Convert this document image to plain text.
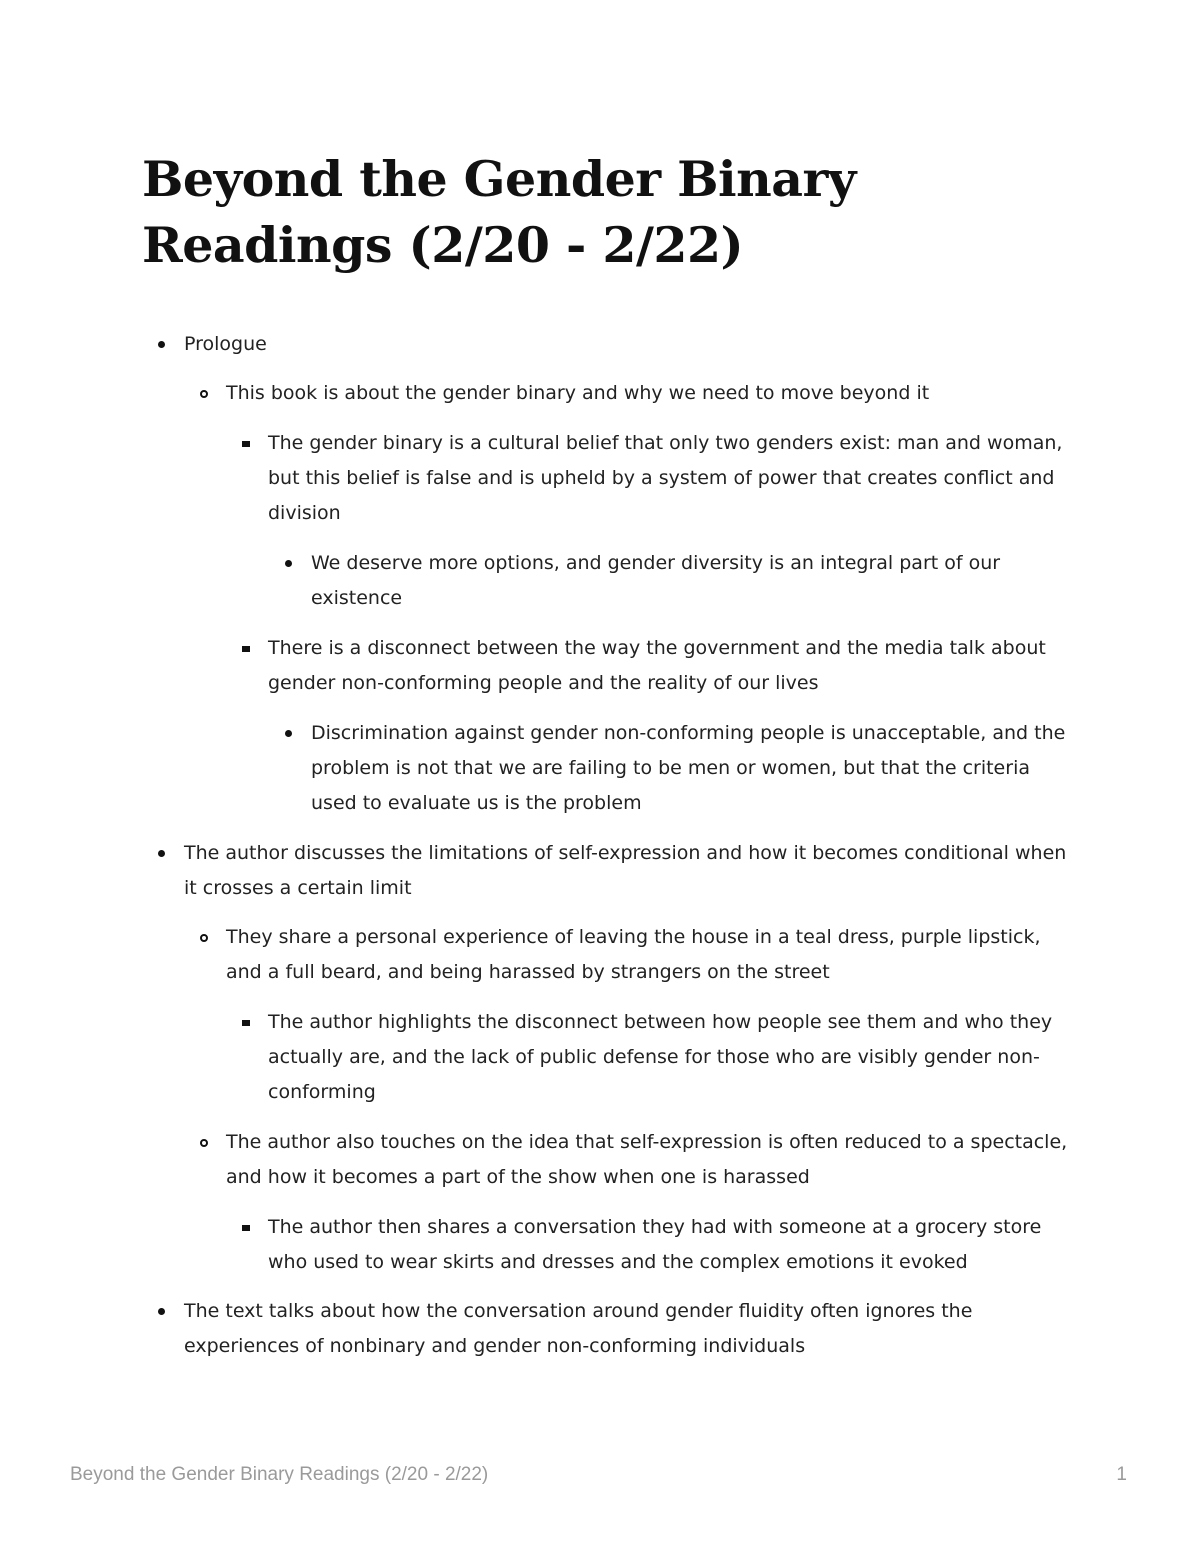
Beyond the Gender Binary Readings (2/20 - 2/22)
Prologue
This book is about the gender binary and why we need to move beyond it
The gender binary is a cultural belief that only two genders exist: man and woman, but this belief is false and is upheld by a system of power that creates conflict and division
We deserve more options, and gender diversity is an integral part of our existence
There is a disconnect between the way the government and the media talk about gender non-conforming people and the reality of our lives
Discrimination against gender non-conforming people is unacceptable, and the problem is not that we are failing to be men or women, but that the criteria used to evaluate us is the problem
The author discusses the limitations of self-expression and how it becomes conditional when it crosses a certain limit
They share a personal experience of leaving the house in a teal dress, purple lipstick, and a full beard, and being harassed by strangers on the street
The author highlights the disconnect between how people see them and who they actually are, and the lack of public defense for those who are visibly gender non-conforming
The author also touches on the idea that self-expression is often reduced to a spectacle, and how it becomes a part of the show when one is harassed
The author then shares a conversation they had with someone at a grocery store who used to wear skirts and dresses and the complex emotions it evoked
The text talks about how the conversation around gender fluidity often ignores the experiences of nonbinary and gender non-conforming individuals
Beyond the Gender Binary Readings (2/20 - 2/22)	1
